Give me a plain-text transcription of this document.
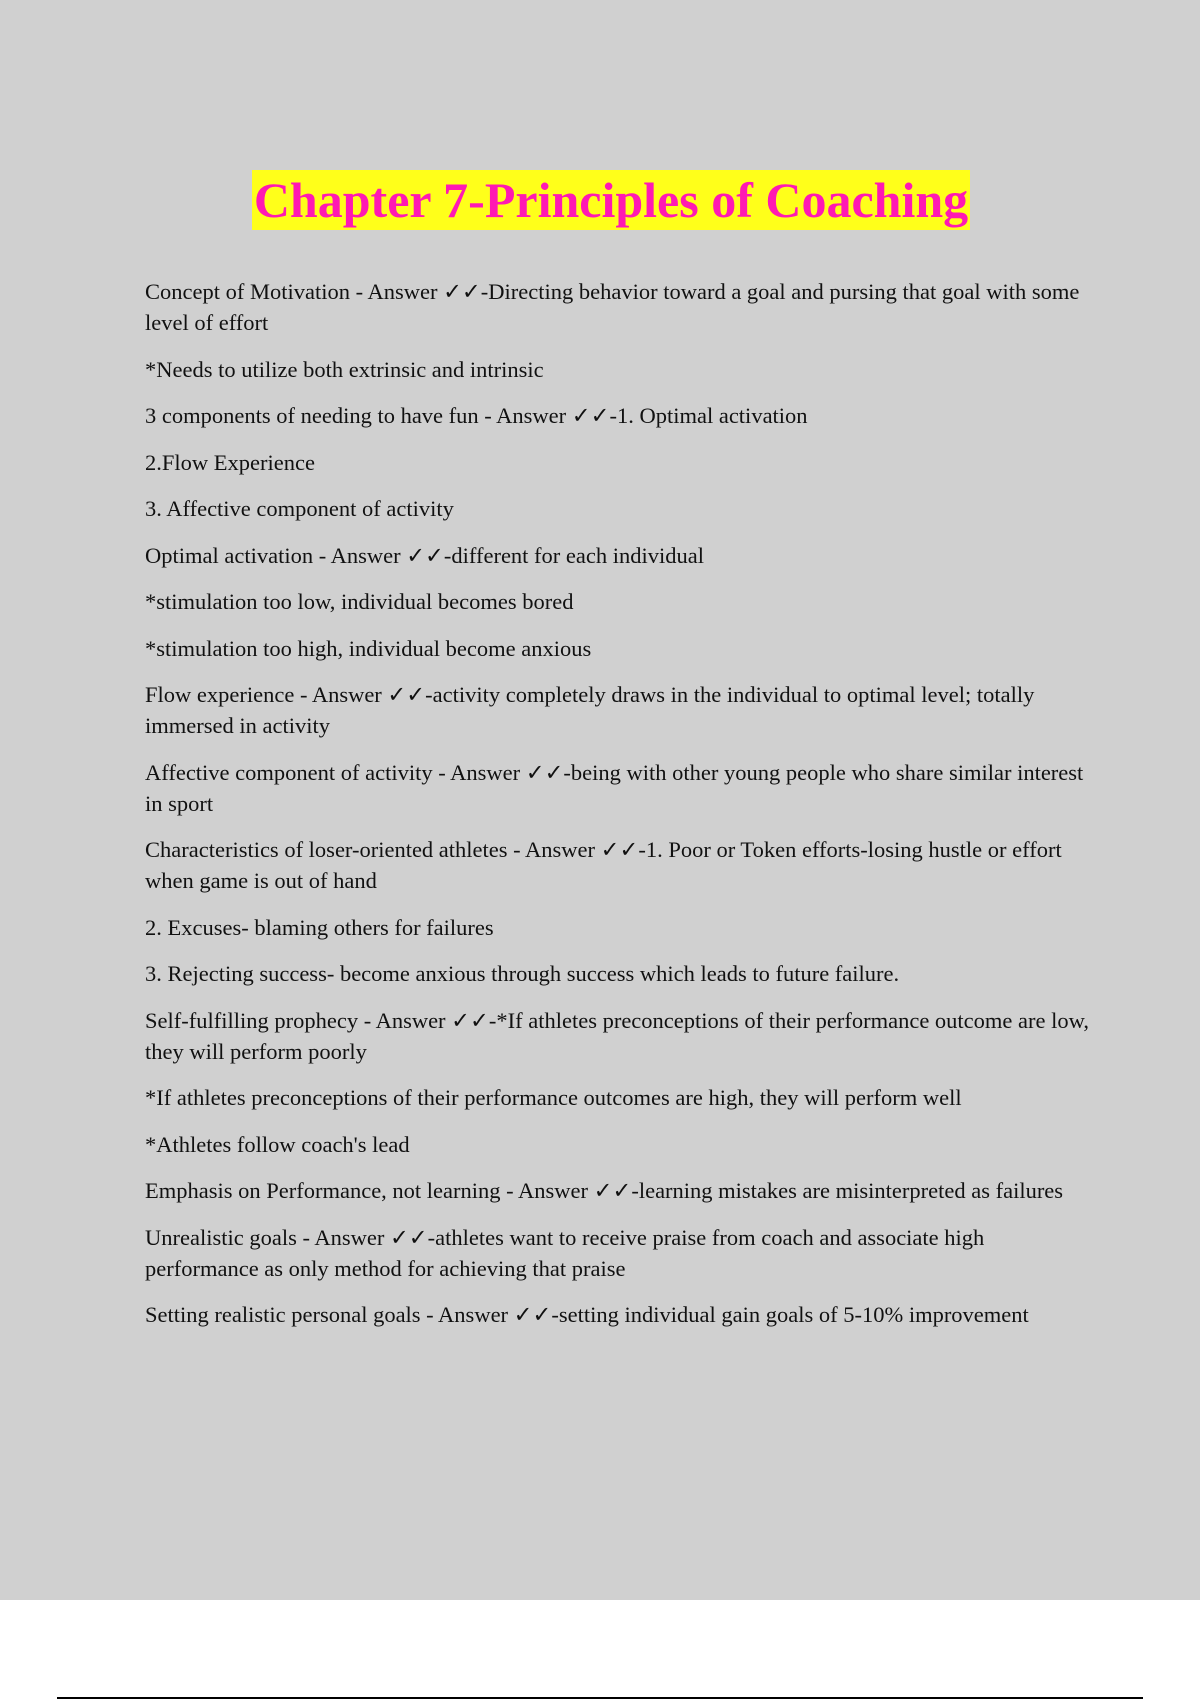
Chapter 7-Principles of Coaching

Concept of Motivation - Answer ✓✓-Directing behavior toward a goal and pursing that goal with some level of effort

*Needs to utilize both extrinsic and intrinsic

3 components of needing to have fun - Answer ✓✓-1. Optimal activation

2.Flow Experience

3. Affective component of activity

Optimal activation - Answer ✓✓-different for each individual

*stimulation too low, individual becomes bored

*stimulation too high, individual become anxious

Flow experience - Answer ✓✓-activity completely draws in the individual to optimal level; totally immersed in activity

Affective component of activity - Answer ✓✓-being with other young people who share similar interest in sport

Characteristics of loser-oriented athletes - Answer ✓✓-1. Poor or Token efforts-losing hustle or effort when game is out of hand

2. Excuses- blaming others for failures

3. Rejecting success- become anxious through success which leads to future failure.

Self-fulfilling prophecy - Answer ✓✓-*If athletes preconceptions of their performance outcome are low, they will perform poorly

*If athletes preconceptions of their performance outcomes are high, they will perform well

*Athletes follow coach's lead

Emphasis on Performance, not learning - Answer ✓✓-learning mistakes are misinterpreted as failures

Unrealistic goals - Answer ✓✓-athletes want to receive praise from coach and associate high performance as only method for achieving that praise

Setting realistic personal goals - Answer ✓✓-setting individual gain goals of 5-10% improvement
